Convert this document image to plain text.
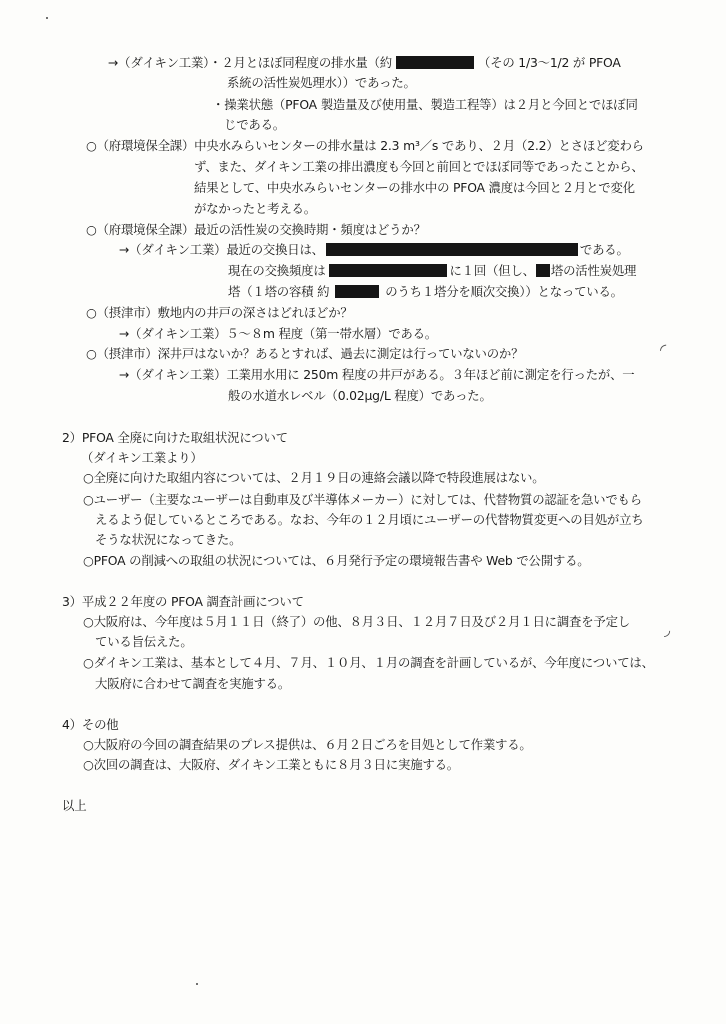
→（ダイキン工業）・２月とほぼ同程度の排水量（約	（その 1/3～1/2 が PFOA
系統の活性炭処理水））であった。
・操業状態（PFOA 製造量及び使用量、製造工程等）は２月と今回とでほぼ同
じである。
○（府環境保全課）中央水みらいセンターの排水量は 2.3 m³／s であり、２月（2.2）とさほど変わら
ず、また、ダイキン工業の排出濃度も今回と前回とでほぼ同等であったことから、
結果として、中央水みらいセンターの排水中の PFOA 濃度は今回と２月とで変化
がなかったと考える。
○（府環境保全課）最近の活性炭の交換時期・頻度はどうか？
→（ダイキン工業）最近の交換日は、	である。
現在の交換頻度は	に１回（但し、 塔の活性炭処理
塔（１塔の容積 約	のうち１塔分を順次交換））となっている。
○（摂津市）敷地内の井戸の深さはどれほどか？
→（ダイキン工業）５～８m 程度（第一帯水層）である。
○（摂津市）深井戸はないか？あるとすれば、過去に測定は行っていないのか？
→（ダイキン工業）工業用水用に 250m 程度の井戸がある。３年ほど前に測定を行ったが、一
般の水道水レベル（0.02μg/L 程度）であった。
2）PFOA 全廃に向けた取組状況について
（ダイキン工業より）
○全廃に向けた取組内容については、２月１９日の連絡会議以降で特段進展はない。
○ユーザー（主要なユーザーは自動車及び半導体メーカー）に対しては、代替物質の認証を急いでもら
えるよう促しているところである。なお、今年の１２月頃にユーザーの代替物質変更への目処が立ち
そうな状況になってきた。
○PFOA の削減への取組の状況については、６月発行予定の環境報告書や Web で公開する。
3）平成２２年度の PFOA 調査計画について
○大阪府は、今年度は５月１１日（終了）の他、８月３日、１２月７日及び２月１日に調査を予定し
ている旨伝えた。
○ダイキン工業は、基本として４月、７月、１０月、１月の調査を計画しているが、今年度については、
大阪府に合わせて調査を実施する。
4）その他
○大阪府の今回の調査結果のプレス提供は、６月２日ごろを目処として作業する。
○次回の調査は、大阪府、ダイキン工業ともに８月３日に実施する。
以上
◜
◞
